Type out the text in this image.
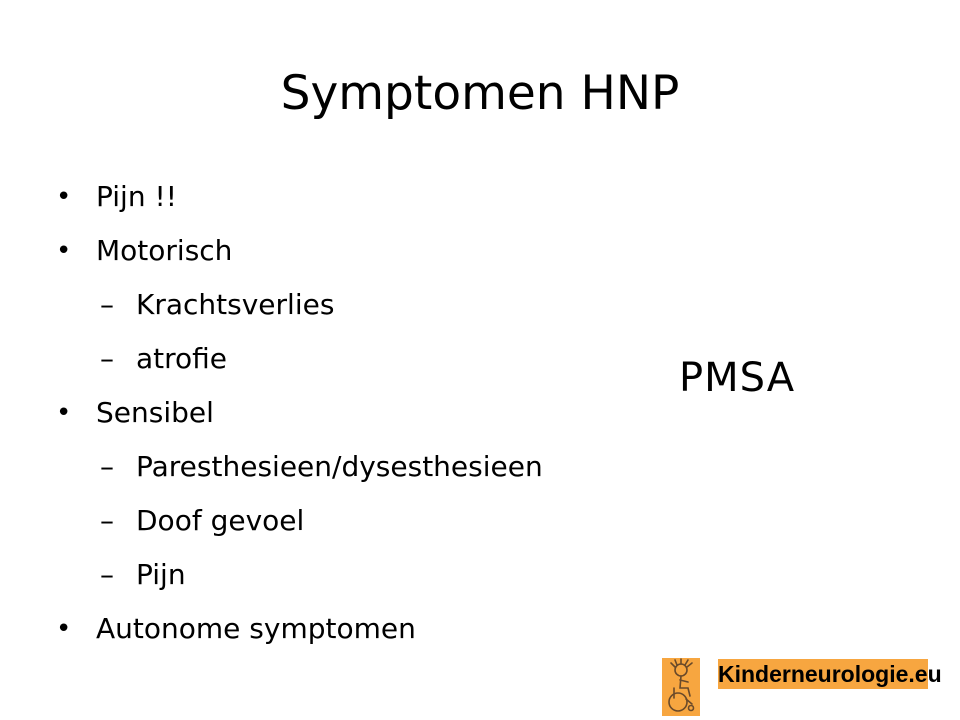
Symptomen HNP
• Pijn !!
• Motorisch
– Krachtsverlies
– atrofie
• Sensibel
– Paresthesieen/dysesthesieen
– Doof gevoel
– Pijn
• Autonome symptomen
PMSA
Kinderneurologie.eu
